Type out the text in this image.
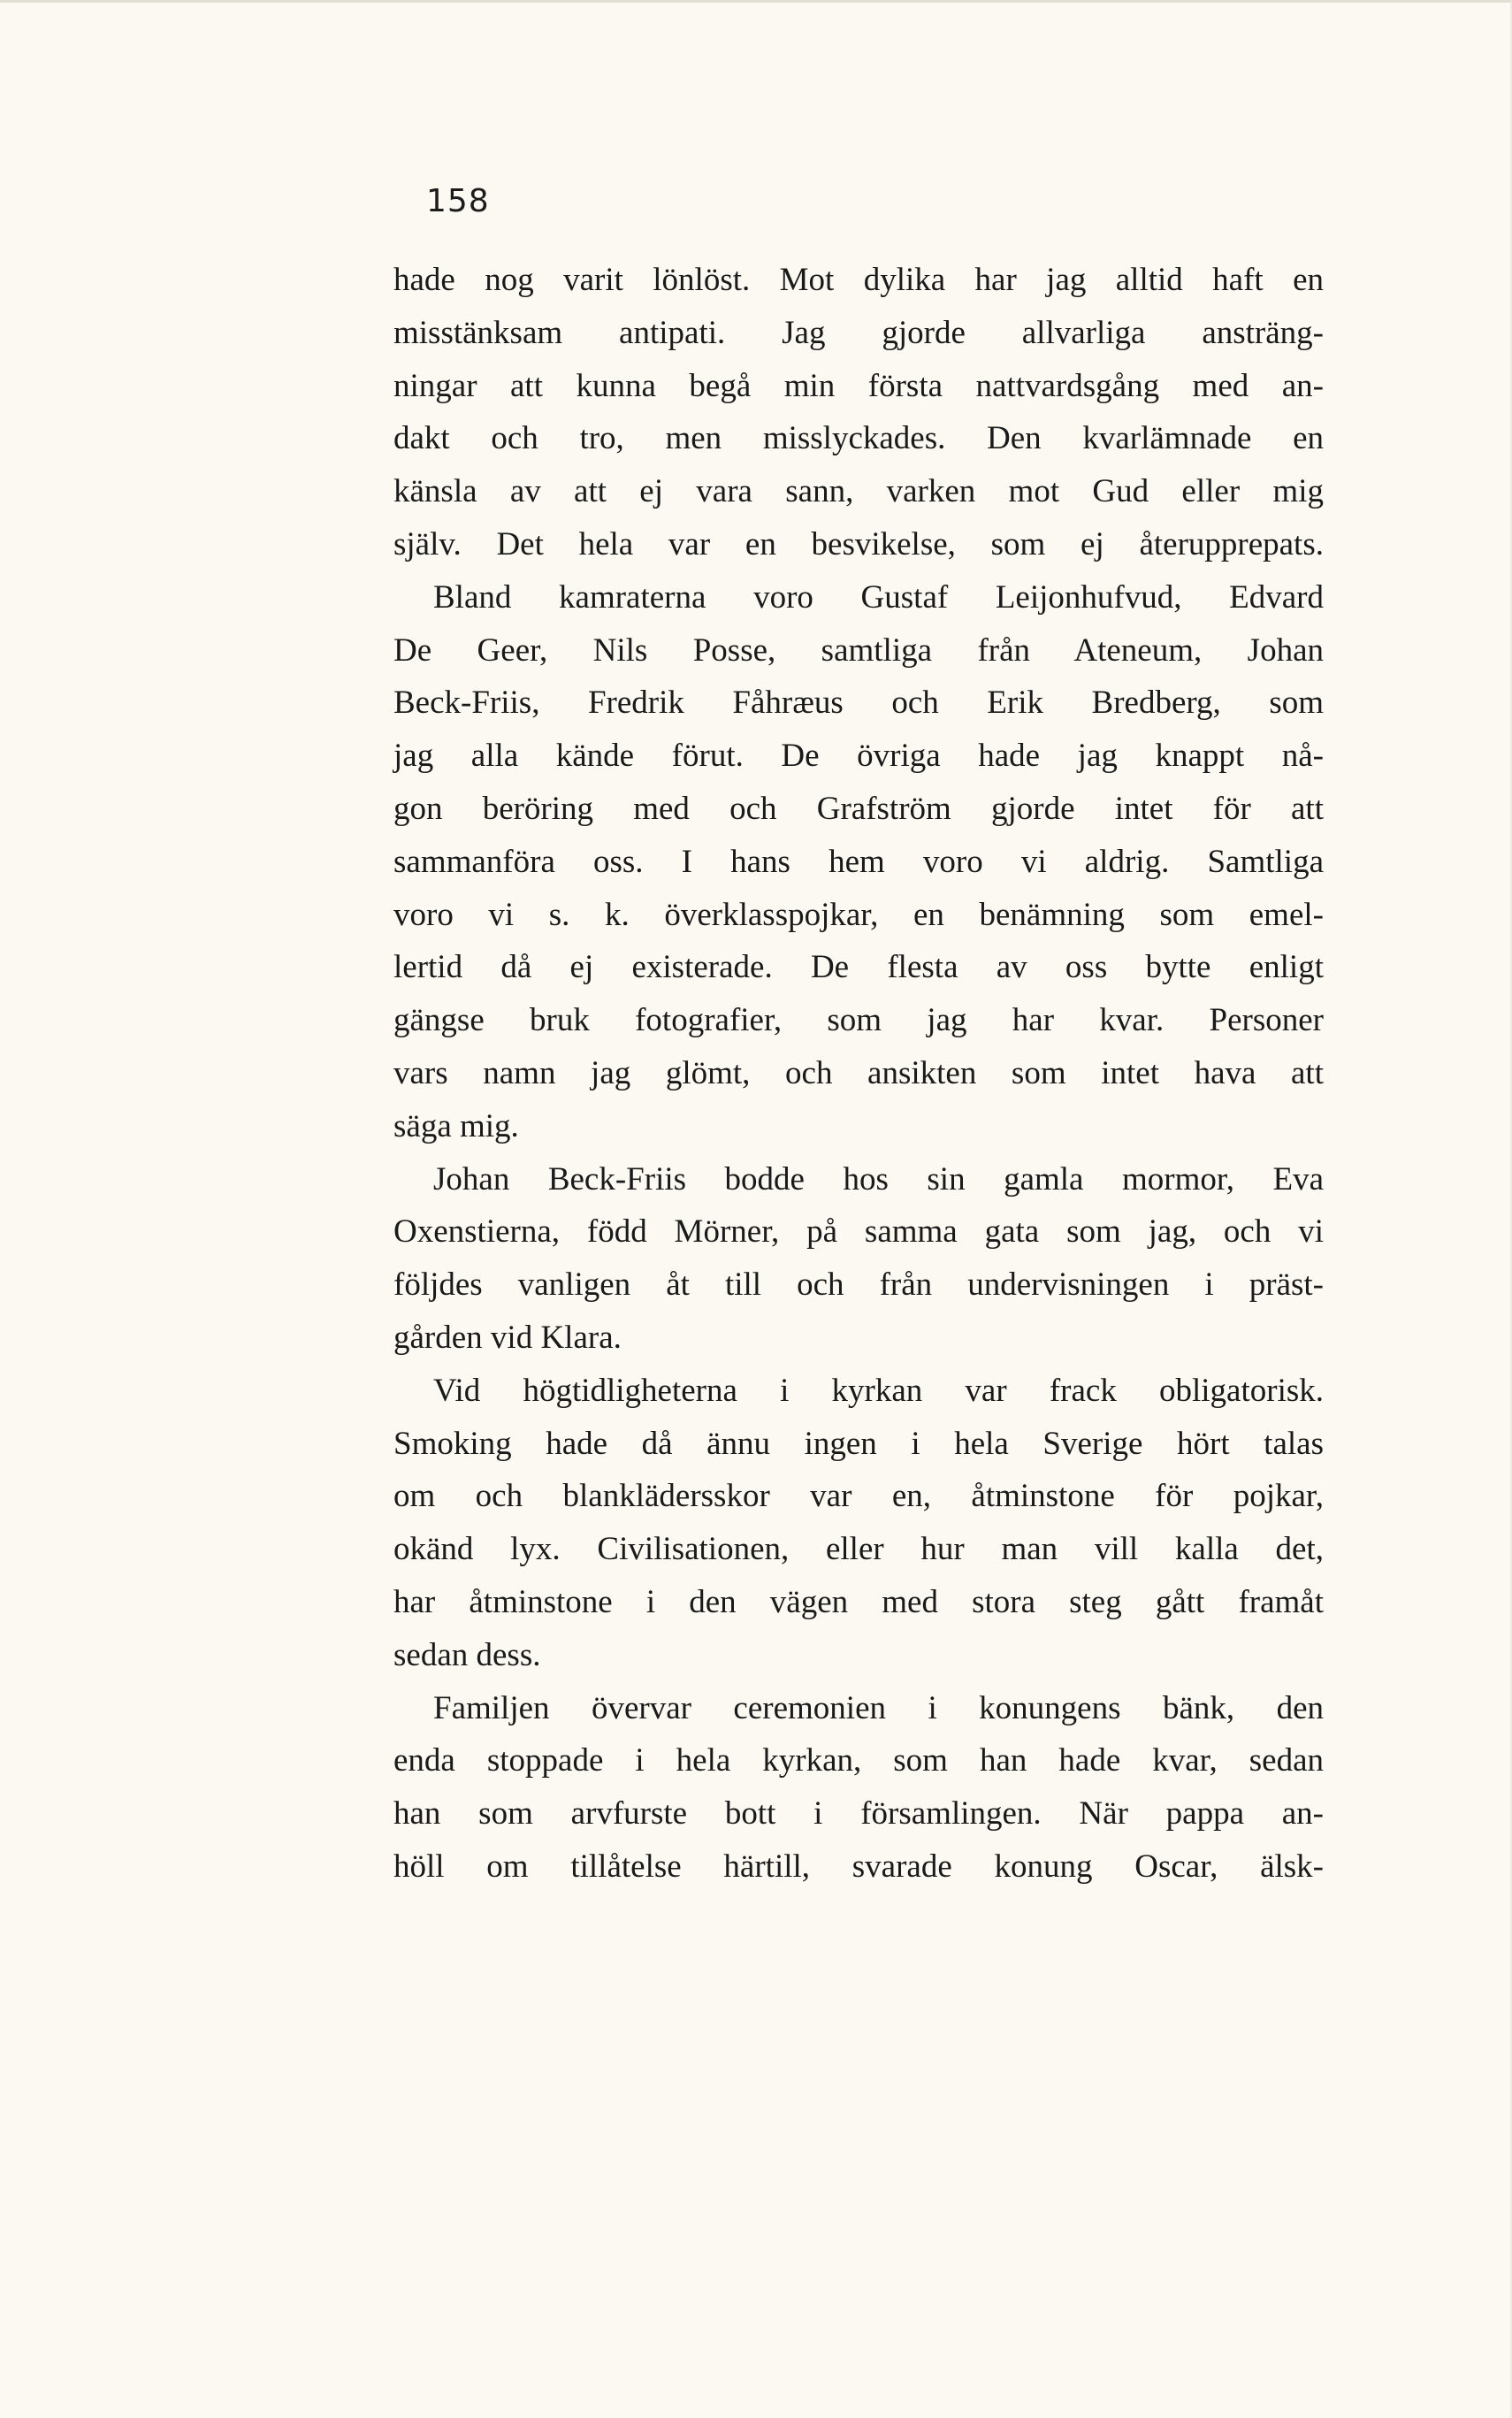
158
hade nog varit lönlöst. Mot dylika har jag alltid haft en
misstänksam antipati. Jag gjorde allvarliga ansträng-
ningar att kunna begå min första nattvardsgång med an-
dakt och tro, men misslyckades. Den kvarlämnade en
känsla av att ej vara sann, varken mot Gud eller mig
själv. Det hela var en besvikelse, som ej återupprepats.
Bland kamraterna voro Gustaf Leijonhufvud, Edvard
De Geer, Nils Posse, samtliga från Ateneum, Johan
Beck-Friis, Fredrik Fåhræus och Erik Bredberg, som
jag alla kände förut. De övriga hade jag knappt nå-
gon beröring med och Grafström gjorde intet för att
sammanföra oss. I hans hem voro vi aldrig. Samtliga
voro vi s. k. överklasspojkar, en benämning som emel-
lertid då ej existerade. De flesta av oss bytte enligt
gängse bruk fotografier, som jag har kvar. Personer
vars namn jag glömt, och ansikten som intet hava att
säga mig.
Johan Beck-Friis bodde hos sin gamla mormor, Eva
Oxenstierna, född Mörner, på samma gata som jag, och vi
följdes vanligen åt till och från undervisningen i präst-
gården vid Klara.
Vid högtidligheterna i kyrkan var frack obligatorisk.
Smoking hade då ännu ingen i hela Sverige hört talas
om och blanklädersskor var en, åtminstone för pojkar,
okänd lyx. Civilisationen, eller hur man vill kalla det,
har åtminstone i den vägen med stora steg gått framåt
sedan dess.
Familjen övervar ceremonien i konungens bänk, den
enda stoppade i hela kyrkan, som han hade kvar, sedan
han som arvfurste bott i församlingen. När pappa an-
höll om tillåtelse härtill, svarade konung Oscar, älsk-
